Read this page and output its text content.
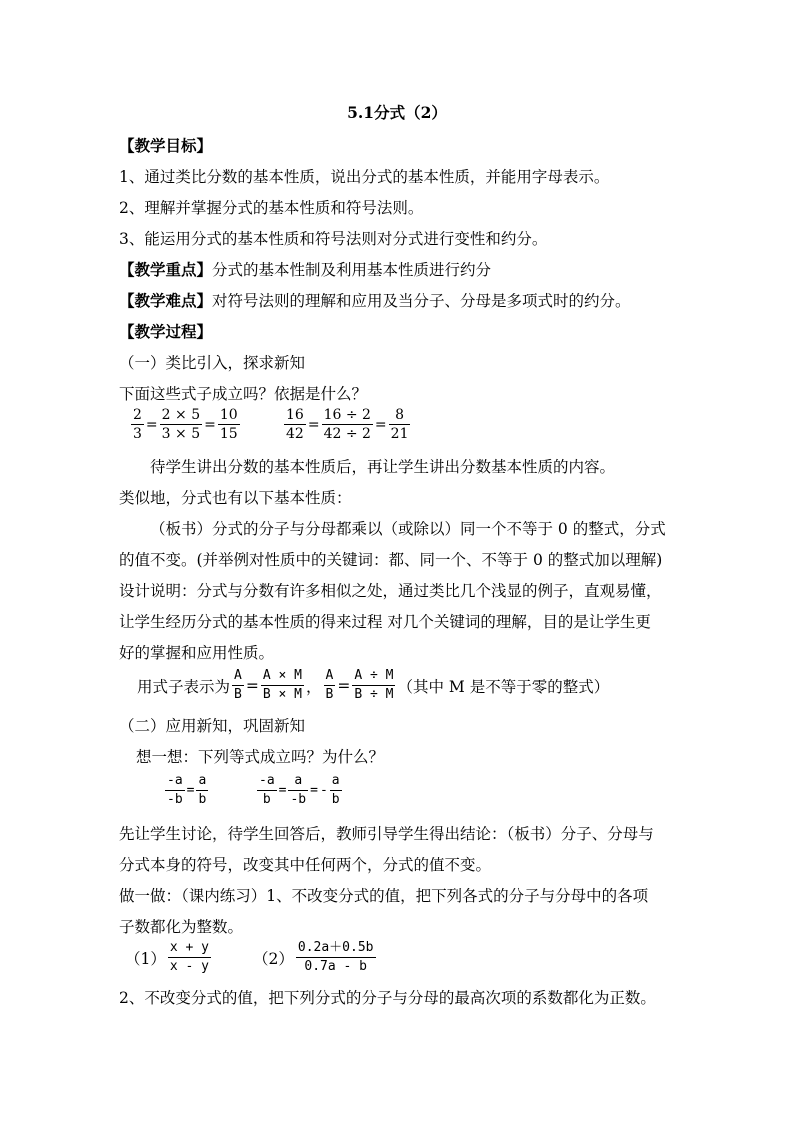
5.1分式（2）
【教学目标】
1、通过类比分数的基本性质，说出分式的基本性质，并能用字母表示。
2、理解并掌握分式的基本性质和符号法则。
3、能运用分式的基本性质和符号法则对分式进行变性和约分。
【教学重点】分式的基本性制及利用基本性质进行约分
【教学难点】对符号法则的理解和应用及当分子、分母是多项式时的约分。
【教学过程】
（一）类比引入，探求新知
下面这些式子成立吗？依据是什么？
$\frac{2}{3} = \frac{2 \times 5}{3 \times 5} = \frac{10}{15}$	$\frac{16}{42} = \frac{16 \div 2}{42 \div 2} = \frac{8}{21}$
待学生讲出分数的基本性质后，再让学生讲出分数基本性质的内容。
类似地，分式也有以下基本性质：
（板书）分式的分子与分母都乘以（或除以）同一个不等于 0 的整式，分式
的值不变。(并举例对性质中的关键词：都、同一个、不等于 0 的整式加以理解)
设计说明：分式与分数有许多相似之处，通过类比几个浅显的例子，直观易懂，
让学生经历分式的基本性质的得来过程 对几个关键词的理解，目的是让学生更
好的掌握和应用性质。
用式子表示为 $\frac{A}{B} = \frac{A \times M}{B \times M}$ ， $\frac{A}{B} = \frac{A \div M}{B \div M}$ （其中 M 是不等于零的整式）
（二）应用新知，巩固新知
想一想：下列等式成立吗？为什么？
$\frac{-a}{-b} = \frac{a}{b}$	$\frac{-a}{b} = \frac{a}{-b}$ = - $\frac{a}{b}$
先让学生讨论，待学生回答后，教师引导学生得出结论：（板书）分子、分母与
分式本身的符号，改变其中任何两个，分式的值不变。
做一做：（课内练习）1、不改变分式的值，把下列各式的分子与分母中的各项
子数都化为整数。
$(1) \frac{x + y}{x - y}$	$(2) \frac{0.2a+0.5b}{0.7a - b}$
2、不改变分式的值，把下列分式的分子与分母的最高次项的系数都化为正数。
